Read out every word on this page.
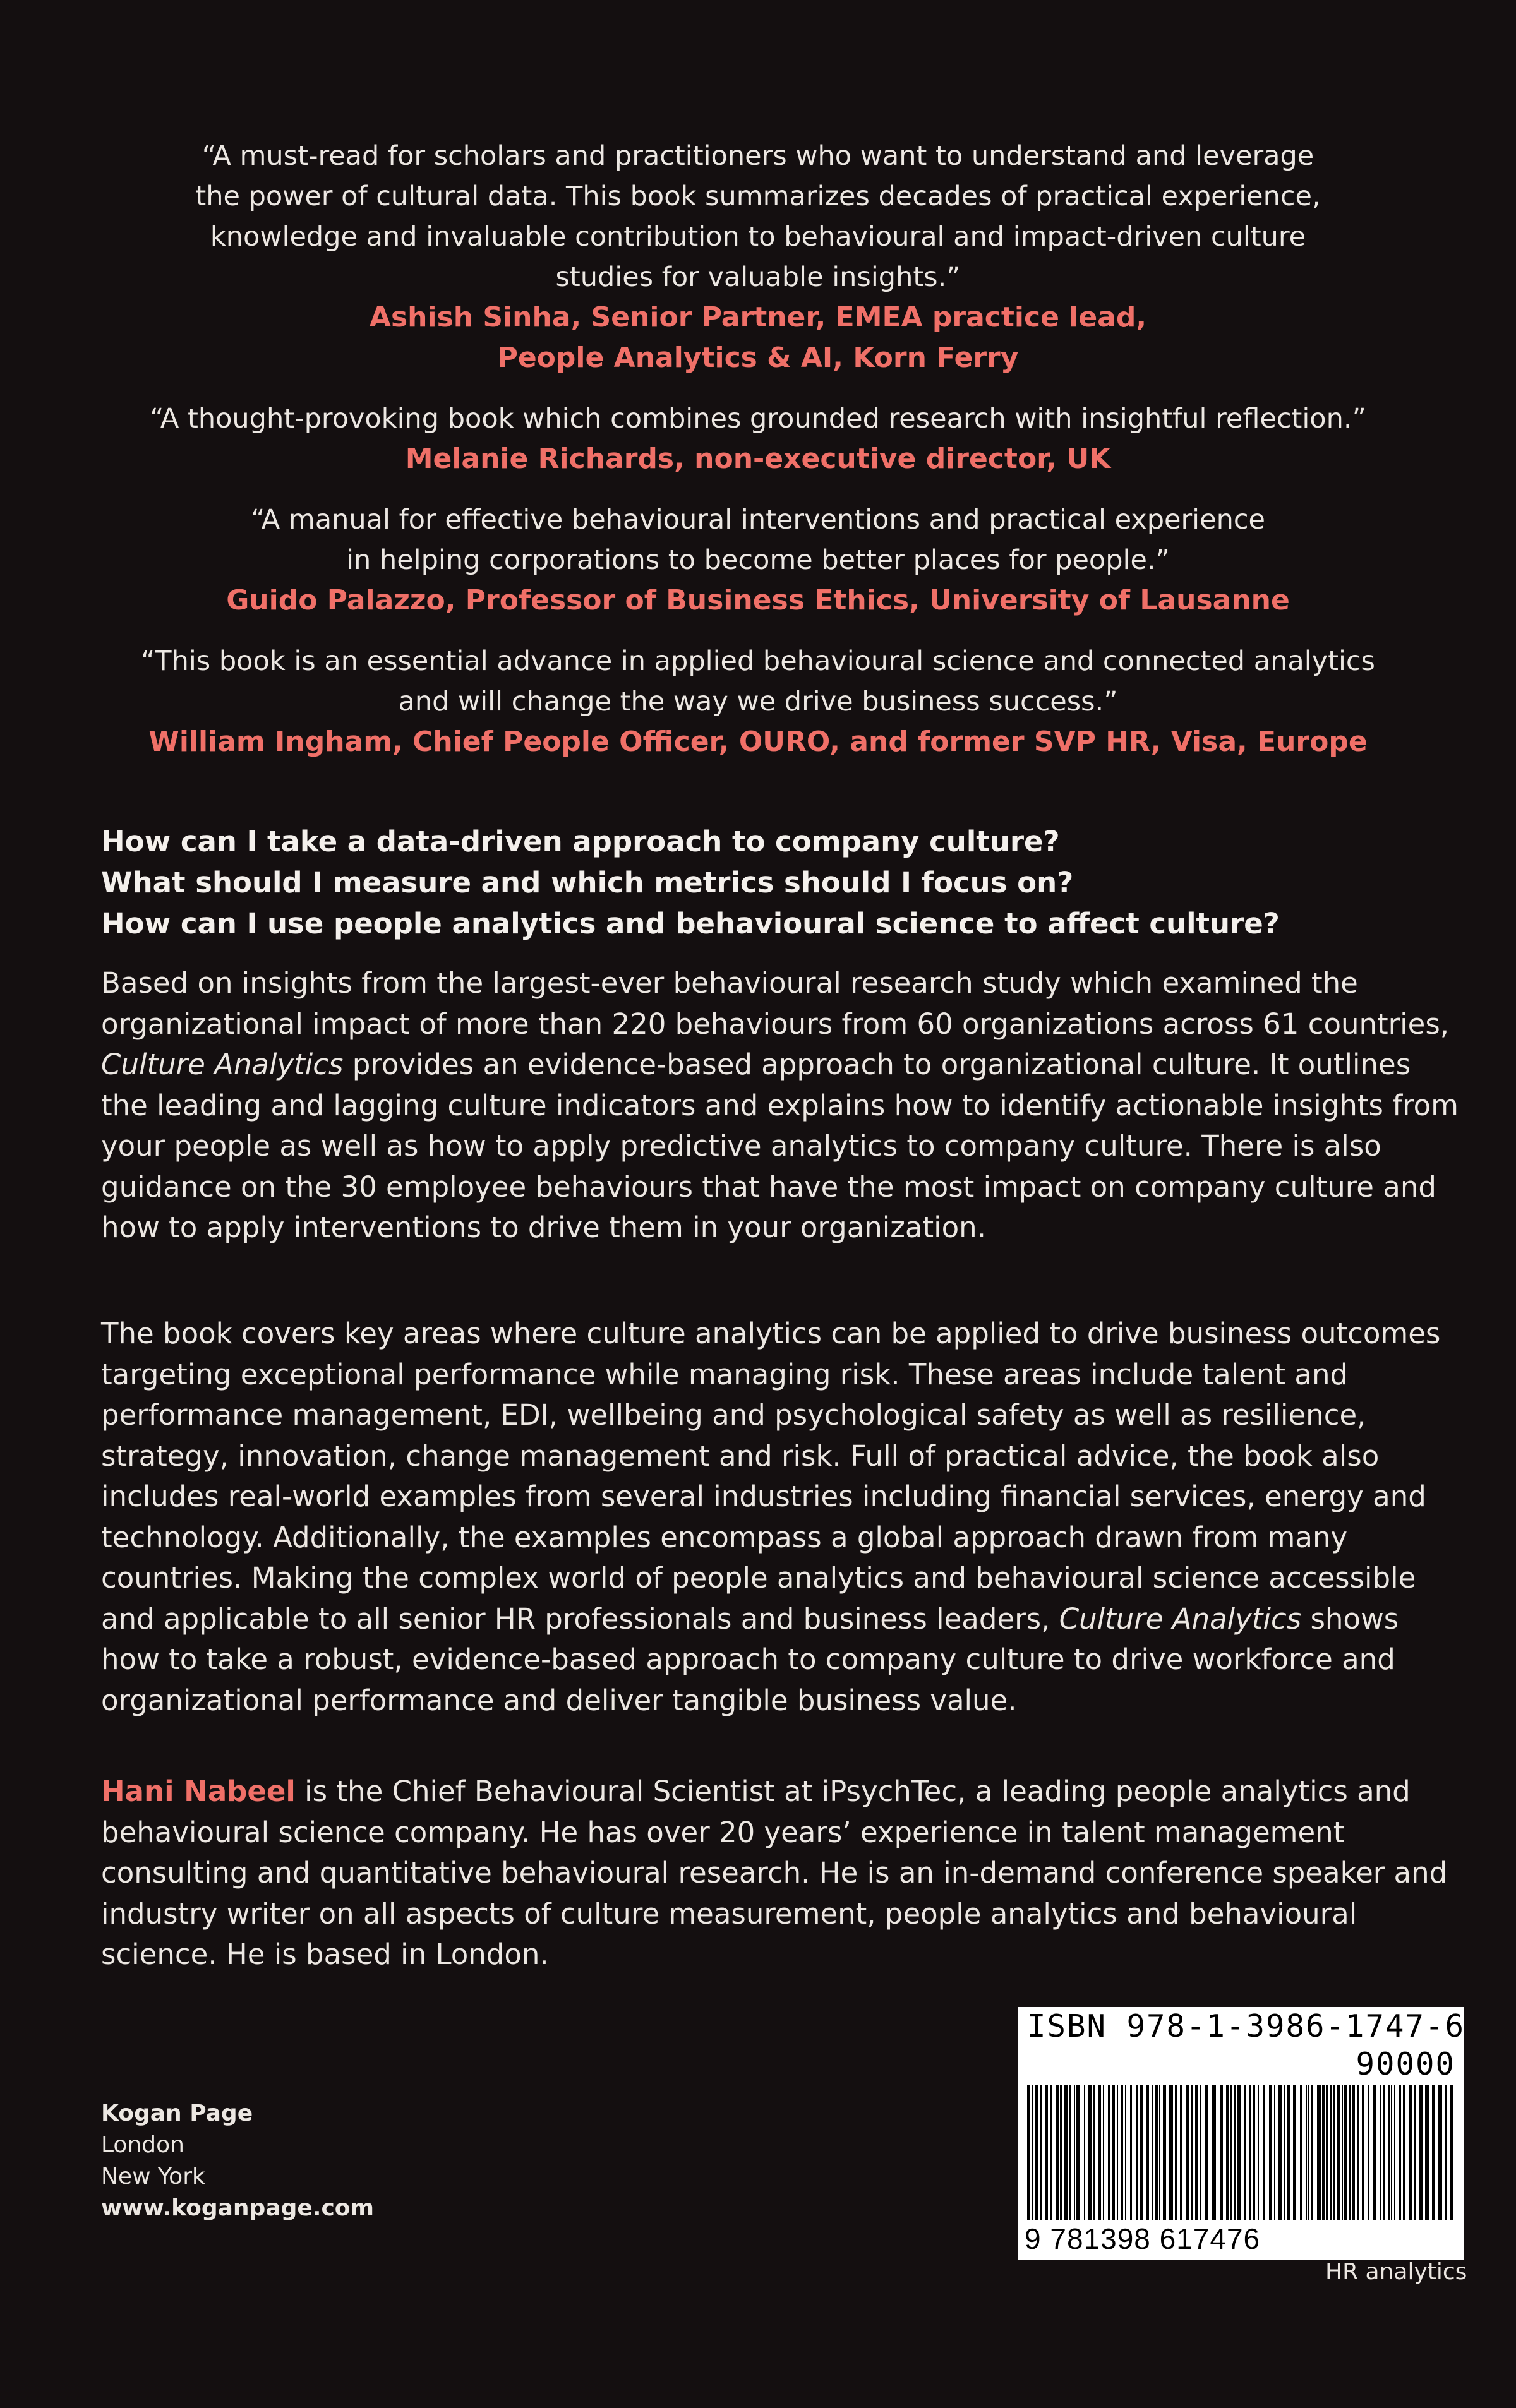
“A must-read for scholars and practitioners who want to understand and leverage
the power of cultural data. This book summarizes decades of practical experience,
knowledge and invaluable contribution to behavioural and impact-driven culture
studies for valuable insights.”
Ashish Sinha, Senior Partner, EMEA practice lead,
People Analytics & AI, Korn Ferry
“A thought-provoking book which combines grounded research with insightful reflection.”
Melanie Richards, non-executive director, UK
“A manual for effective behavioural interventions and practical experience
in helping corporations to become better places for people.”
Guido Palazzo, Professor of Business Ethics, University of Lausanne
“This book is an essential advance in applied behavioural science and connected analytics
and will change the way we drive business success.”
William Ingham, Chief People Officer, OURO, and former SVP HR, Visa, Europe
How can I take a data-driven approach to company culture?
What should I measure and which metrics should I focus on?
How can I use people analytics and behavioural science to affect culture?
Based on insights from the largest-ever behavioural research study which examined the organizational impact of more than 220 behaviours from 60 organizations across 61 countries, Culture Analytics provides an evidence-based approach to organizational culture. It outlines the leading and lagging culture indicators and explains how to identify actionable insights from your people as well as how to apply predictive analytics to company culture. There is also guidance on the 30 employee behaviours that have the most impact on company culture and how to apply interventions to drive them in your organization.
The book covers key areas where culture analytics can be applied to drive business outcomes targeting exceptional performance while managing risk. These areas include talent and performance management, EDI, wellbeing and psychological safety as well as resilience, strategy, innovation, change management and risk. Full of practical advice, the book also includes real-world examples from several industries including financial services, energy and technology. Additionally, the examples encompass a global approach drawn from many countries. Making the complex world of people analytics and behavioural science accessible and applicable to all senior HR professionals and business leaders, Culture Analytics shows how to take a robust, evidence-based approach to company culture to drive workforce and organizational performance and deliver tangible business value.
Hani Nabeel is the Chief Behavioural Scientist at iPsychTec, a leading people analytics and behavioural science company. He has over 20 years’ experience in talent management consulting and quantitative behavioural research. He is an in-demand conference speaker and industry writer on all aspects of culture measurement, people analytics and behavioural science. He is based in London.
Kogan Page
London
New York
www.koganpage.com
ISBN 978-1-3986-1747-6
90000
9 781398 617476
HR analytics
